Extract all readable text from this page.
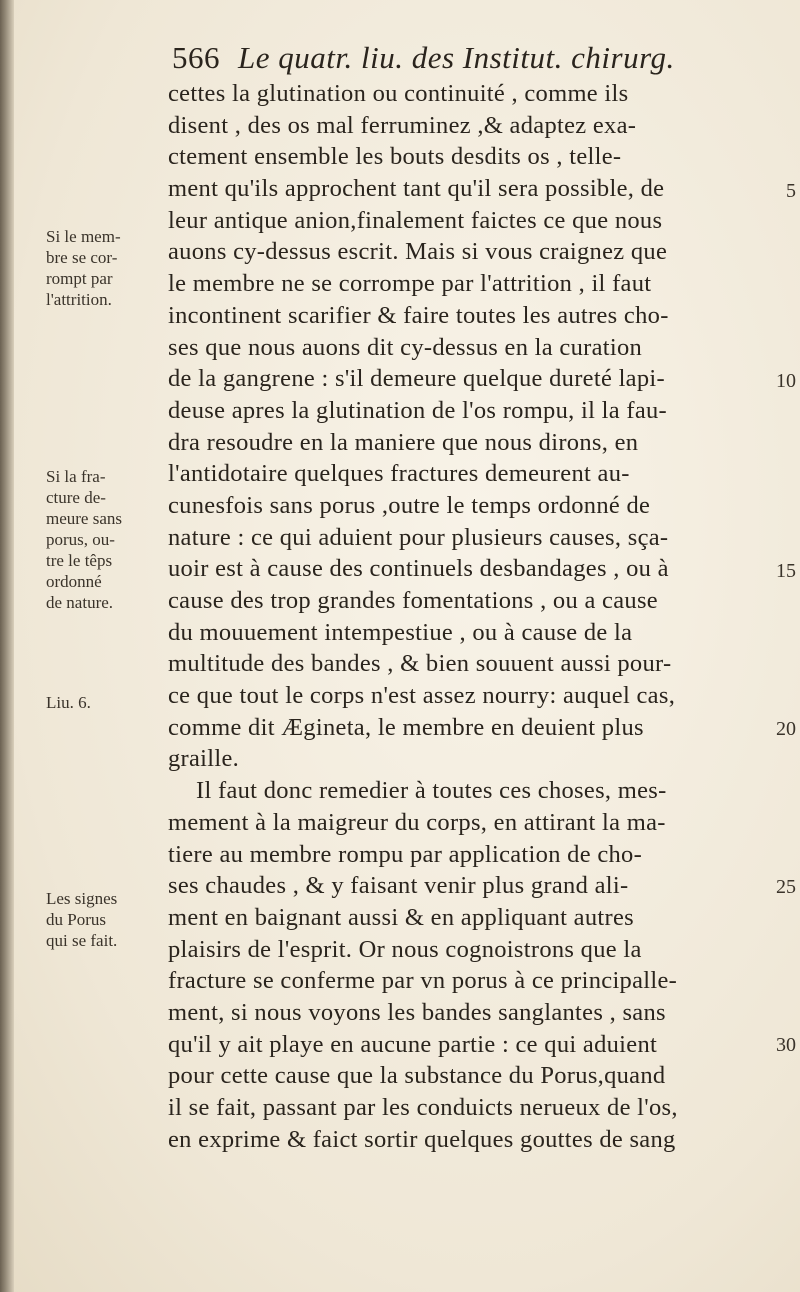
566 Le quatr. liu. des Institut. chirurg.
cettes la glutination ou continuité , comme ils
disent , des os mal ferruminez ,& adaptez exa-
ctement ensemble les bouts desdits os , telle-
ment qu'ils approchent tant qu'il sera possible, de
leur antique anion,finalement faictes ce que nous
auons cy-dessus escrit. Mais si vous craignez que
le membre ne se corrompe par l'attrition , il faut
incontinent scarifier & faire toutes les autres cho-
ses que nous auons dit cy-dessus en la curation
de la gangrene : s'il demeure quelque dureté lapi-
deuse apres la glutination de l'os rompu, il la fau-
dra resoudre en la maniere que nous dirons, en
l'antidotaire quelques fractures demeurent au-
cunesfois sans porus ,outre le temps ordonné de
nature : ce qui aduient pour plusieurs causes, sça-
uoir est à cause des continuels desbandages , ou à
cause des trop grandes fomentations , ou a cause
du mouuement intempestiue , ou à cause de la
multitude des bandes , & bien souuent aussi pour-
ce que tout le corps n'est assez nourry: auquel cas,
comme dit Ægineta, le membre en deuient plus
graille.
Il faut donc remedier à toutes ces choses, mes-
mement à la maigreur du corps, en attirant la ma-
tiere au membre rompu par application de cho-
ses chaudes , & y faisant venir plus grand ali-
ment en baignant aussi & en appliquant autres
plaisirs de l'esprit. Or nous cognoistrons que la
fracture se conferme par vn porus à ce principalle-
ment, si nous voyons les bandes sanglantes , sans
qu'il y ait playe en aucune partie : ce qui aduient
pour cette cause que la substance du Porus,quand
il se fait, passant par les conduicts nerueux de l'os,
en exprime & faict sortir quelques gouttes de sang
Si le mem-
bre se cor-
rompt par
l'attrition.
Si la fra-
cture de-
meure sans
porus, ou-
tre le têps
ordonné
de nature.
Liu. 6.
Les signes
du Porus
qui se fait.
5
10
15
20
25
30
